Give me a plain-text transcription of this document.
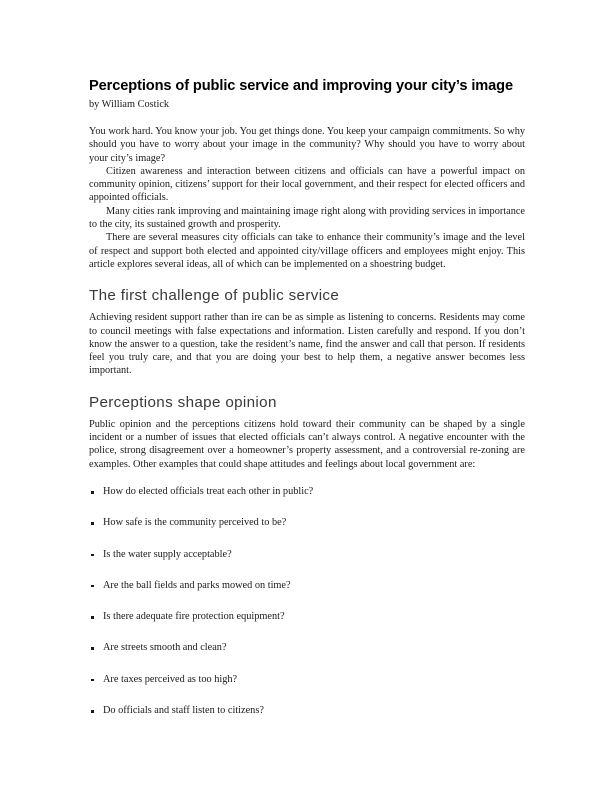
Perceptions of public service and improving your city’s image

by William Costick

You work hard. You know your job. You get things done. You keep your campaign commitments. So why should you have to worry about your image in the community? Why should you have to worry about your city’s image?

Citizen awareness and interaction between citizens and officials can have a powerful impact on community opinion, citizens’ support for their local government, and their respect for elected officers and appointed officials.

Many cities rank improving and maintaining image right along with providing services in importance to the city, its sustained growth and prosperity.

There are several measures city officials can take to enhance their community’s image and the level of respect and support both elected and appointed city/village officers and employees might enjoy. This article explores several ideas, all of which can be implemented on a shoestring budget.

The first challenge of public service

Achieving resident support rather than ire can be as simple as listening to concerns. Residents may come to council meetings with false expectations and information. Listen carefully and respond. If you don’t know the answer to a question, take the resident’s name, find the answer and call that person. If residents feel you truly care, and that you are doing your best to help them, a negative answer becomes less important.

Perceptions shape opinion

Public opinion and the perceptions citizens hold toward their community can be shaped by a single incident or a number of issues that elected officials can’t always control. A negative encounter with the police, strong disagreement over a homeowner’s property assessment, and a controversial re-zoning are examples. Other examples that could shape attitudes and feelings about local government are:

How do elected officials treat each other in public?
How safe is the community perceived to be?
Is the water supply acceptable?
Are the ball fields and parks mowed on time?
Is there adequate fire protection equipment?
Are streets smooth and clean?
Are taxes perceived as too high?
Do officials and staff listen to citizens?
